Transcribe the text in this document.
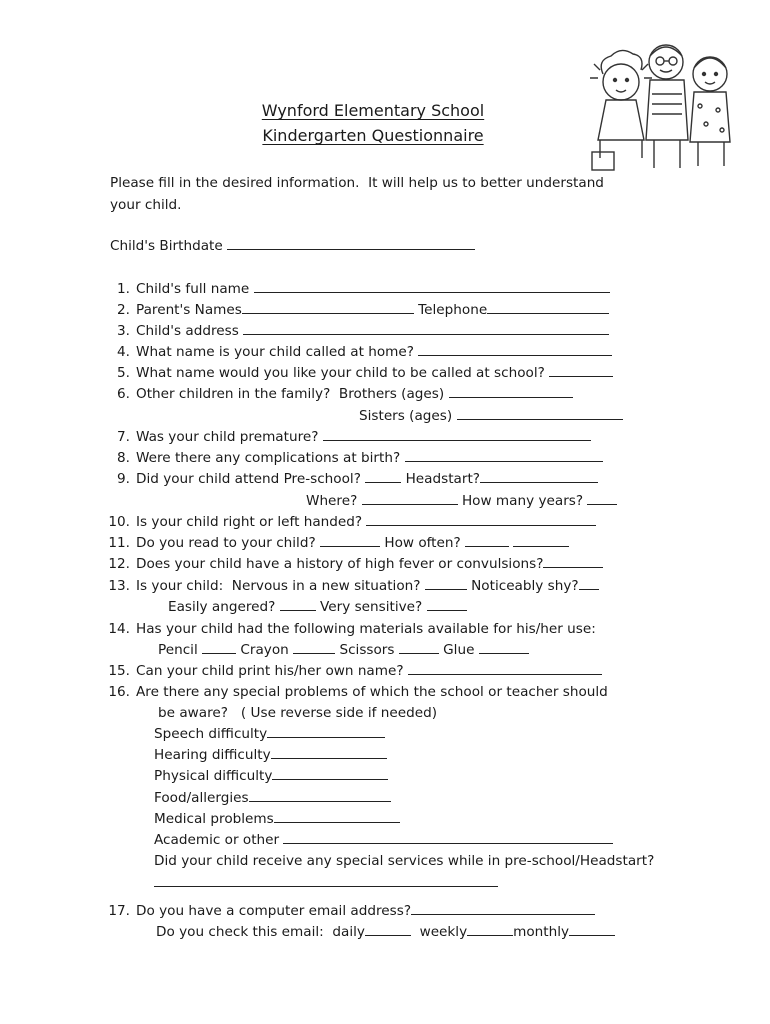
Wynford Elementary School
Kindergarten Questionnaire
Please fill in the desired information.  It will help us to better understand
your child.
Child's Birthdate
1. Child's full name
2. Parent's Names	Telephone
3. Child's address
4. What name is your child called at home?
5. What name would you like your child to be called at school?
6. Other children in the family?  Brothers (ages)
Sisters (ages)
7. Was your child premature?
8. Were there any complications at birth?
9. Did your child attend Pre-school?	Headstart?
Where?	How many years?
10. Is your child right or left handed?
11. Do you read to your child?	How often?
12. Does your child have a history of high fever or convulsions?
13. Is your child:  Nervous in a new situation?	Noticeably shy?
Easily angered?	Very sensitive?
14. Has your child had the following materials available for his/her use:
Pencil	Crayon	Scissors	Glue
15. Can your child print his/her own name?
16. Are there any special problems of which the school or teacher should
be aware?   ( Use reverse side if needed)
Speech difficulty
Hearing difficulty
Physical difficulty
Food/allergies
Medical problems
Academic or other
Did your child receive any special services while in pre-school/Headstart?
17. Do you have a computer email address?
Do you check this email:  daily	weekly	monthly
